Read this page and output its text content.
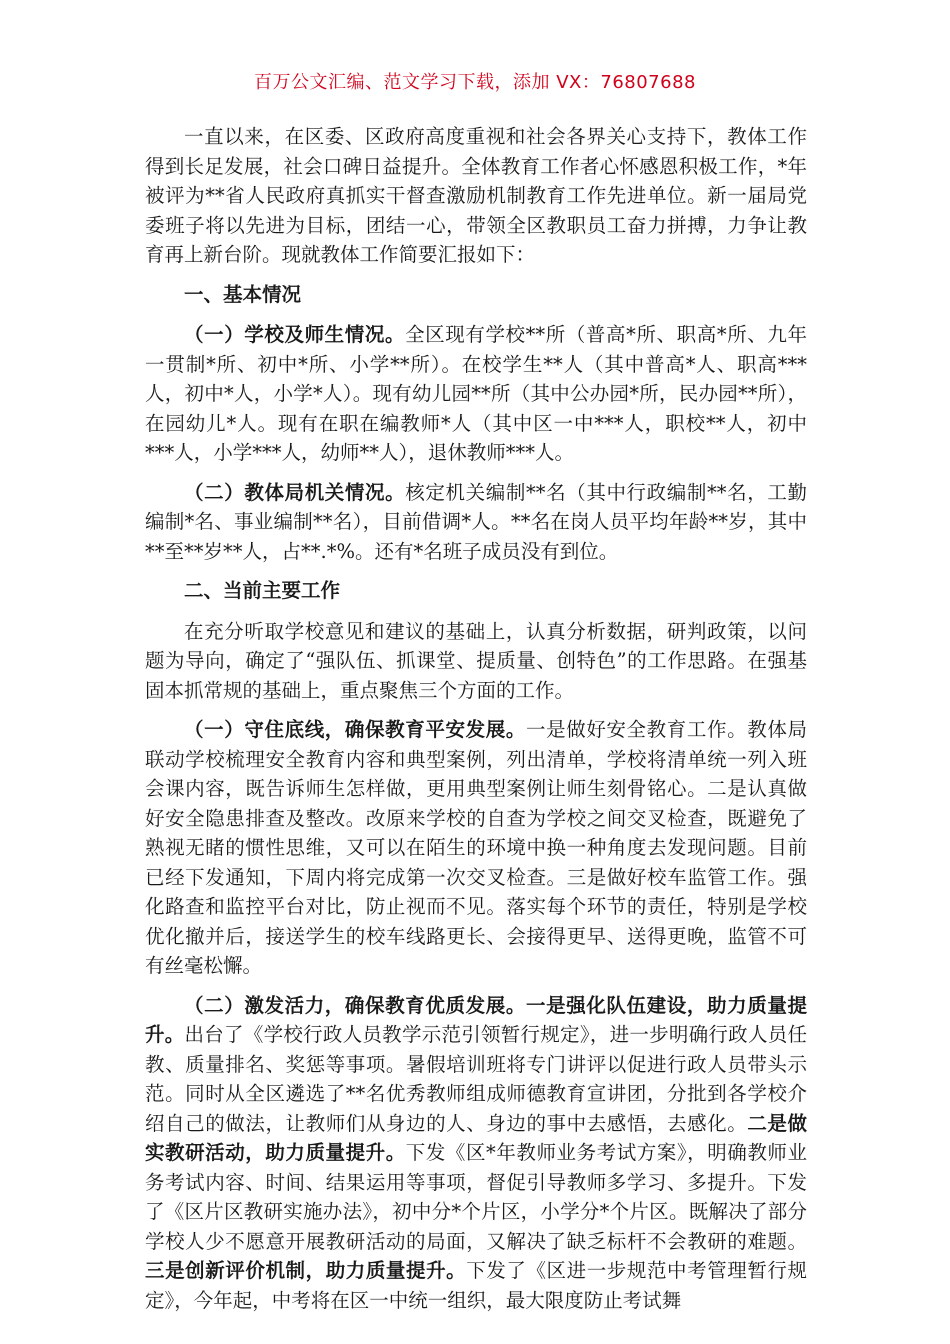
百万公文汇编、范文学习下载，添加 VX：76807688

一直以来，在区委、区政府高度重视和社会各界关心支持下，教体工作得到长足发展，社会口碑日益提升。全体教育工作者心怀感恩积极工作，*年被评为**省人民政府真抓实干督查激励机制教育工作先进单位。新一届局党委班子将以先进为目标，团结一心，带领全区教职员工奋力拼搏，力争让教育再上新台阶。现就教体工作简要汇报如下：

一、基本情况

（一）学校及师生情况。全区现有学校**所（普高*所、职高*所、九年一贯制*所、初中*所、小学**所）。在校学生**人（其中普高*人、职高***人，初中*人，小学*人）。现有幼儿园**所（其中公办园*所，民办园**所），在园幼儿*人。现有在职在编教师*人（其中区一中***人，职校**人，初中***人，小学***人，幼师**人），退休教师***人。

（二）教体局机关情况。核定机关编制**名（其中行政编制**名，工勤编制*名、事业编制**名），目前借调*人。**名在岗人员平均年龄**岁，其中**至**岁**人，占**.*%。还有*名班子成员没有到位。

二、当前主要工作

在充分听取学校意见和建议的基础上，认真分析数据，研判政策，以问题为导向，确定了“强队伍、抓课堂、提质量、创特色”的工作思路。在强基固本抓常规的基础上，重点聚焦三个方面的工作。

（一）守住底线，确保教育平安发展。一是做好安全教育工作。教体局联动学校梳理安全教育内容和典型案例，列出清单，学校将清单统一列入班会课内容，既告诉师生怎样做，更用典型案例让师生刻骨铭心。二是认真做好安全隐患排查及整改。改原来学校的自查为学校之间交叉检查，既避免了熟视无睹的惯性思维，又可以在陌生的环境中换一种角度去发现问题。目前已经下发通知，下周内将完成第一次交叉检查。三是做好校车监管工作。强化路查和监控平台对比，防止视而不见。落实每个环节的责任，特别是学校优化撤并后，接送学生的校车线路更长、会接得更早、送得更晚，监管不可有丝毫松懈。

（二）激发活力，确保教育优质发展。一是强化队伍建设，助力质量提升。出台了《学校行政人员教学示范引领暂行规定》，进一步明确行政人员任教、质量排名、奖惩等事项。暑假培训班将专门讲评以促进行政人员带头示范。同时从全区遴选了**名优秀教师组成师德教育宣讲团，分批到各学校介绍自己的做法，让教师们从身边的人、身边的事中去感悟，去感化。二是做实教研活动，助力质量提升。下发《区*年教师业务考试方案》，明确教师业务考试内容、时间、结果运用等事项，督促引导教师多学习、多提升。下发了《区片区教研实施办法》，初中分*个片区，小学分*个片区。既解决了部分学校人少不愿意开展教研活动的局面，又解决了缺乏标杆不会教研的难题。三是创新评价机制，助力质量提升。下发了《区进一步规范中考管理暂行规定》，今年起，中考将在区一中统一组织，最大限度防止考试舞
